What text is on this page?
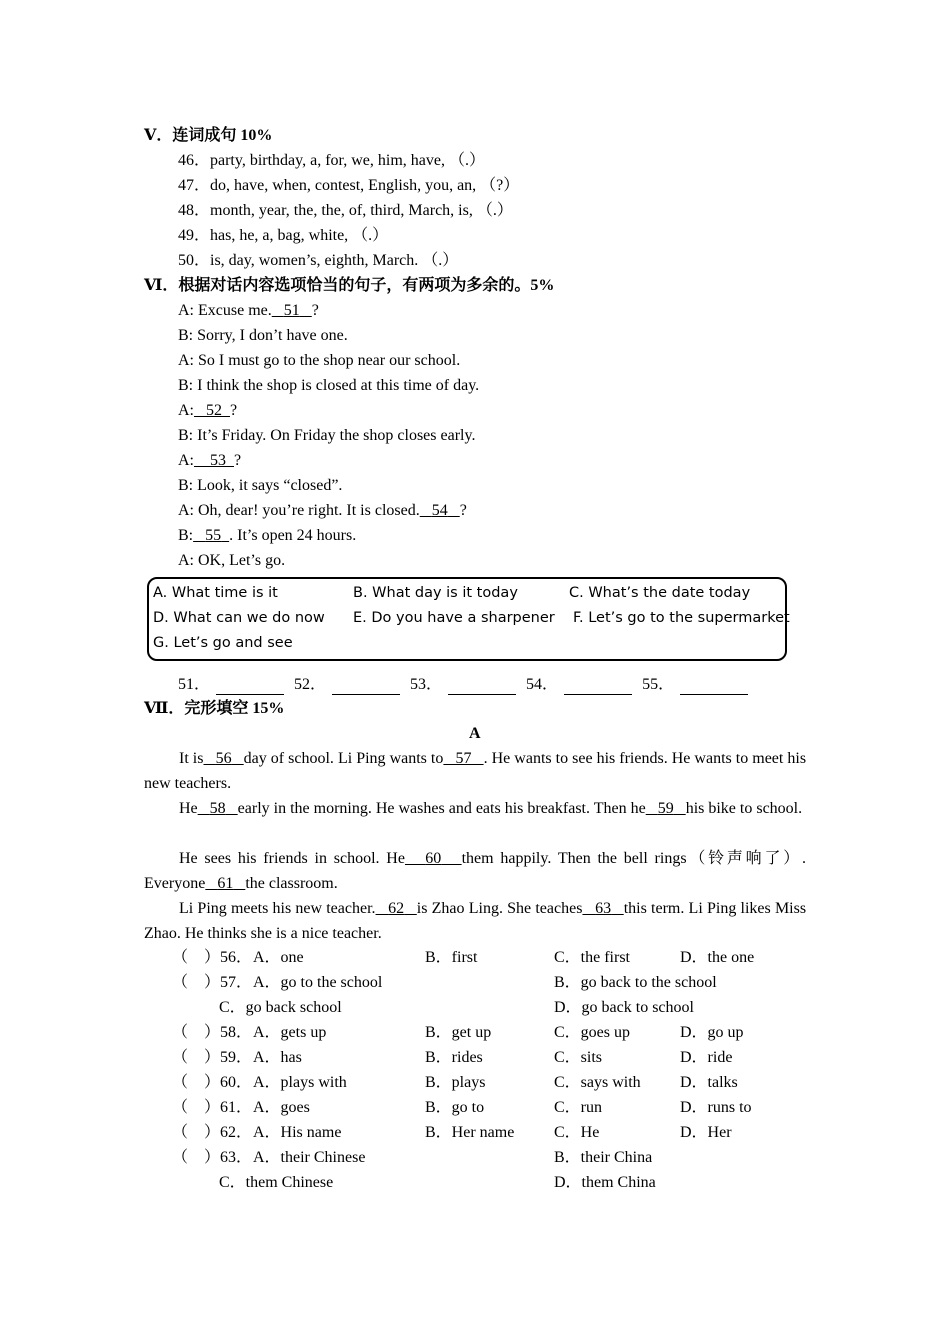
Ⅴ．连词成句 10%
46．party, birthday, a, for, we, him, have, （.）
47．do, have, when, contest, English, you, an, （?）
48．month, year, the, the, of, third, March, is, （.）
49．has, he, a, bag, white, （.）
50．is, day, women’s, eighth, March. （.）
Ⅵ．根据对话内容选项恰当的句子，有两项为多余的。5%
A: Excuse me. 51 ?
B: Sorry, I don’t have one.
A: So I must go to the shop near our school.
B: I think the shop is closed at this time of day.
A: 52 ?
B: It’s Friday. On Friday the shop closes early.
A: 53 ?
B: Look, it says “closed”.
A: Oh, dear! you’re right. It is closed. 54 ?
B: 55 . It’s open 24 hours.
A: OK, Let’s go.
A. What time is it	B. What day is it today	C. What’s the date today
D. What can we do now E. Do you have a sharpener F. Let’s go to the supermarket
G. Let’s go and see
51．	52．	53．	54．	55．
Ⅶ．完形填空 15%
A
It is 56 day of school. Li Ping wants to 57 . He wants to see his friends. He wants to meet his new teachers.
He 58 early in the morning. He washes and eats his breakfast. Then he 59 his bike to school.
He sees his friends in school. He 60 them happily. Then the bell rings（铃声响了）. Everyone 61 the classroom.
Li Ping meets his new teacher. 62 is Zhao Ling. She teaches 63 this term. Li Ping likes Miss Zhao. He thinks she is a nice teacher.
（　）56． A．one	B．first	C．the first	D．the one
（　）57． A．go to the school	B．go back to the school
C．go back school	D．go back to school
（　）58． A．gets up	B．get up	C．goes up	D．go up
（　）59． A．has	B．rides	C．sits	D．ride
（　）60． A．plays with	B．plays	C．says with D．talks
（　）61． A．goes	B．go to	C．run	D．runs to
（　）62． A．His name	B．Her name C．He	D．Her
（　）63． A．their Chinese	B．their China
C．them Chinese	D．them China
